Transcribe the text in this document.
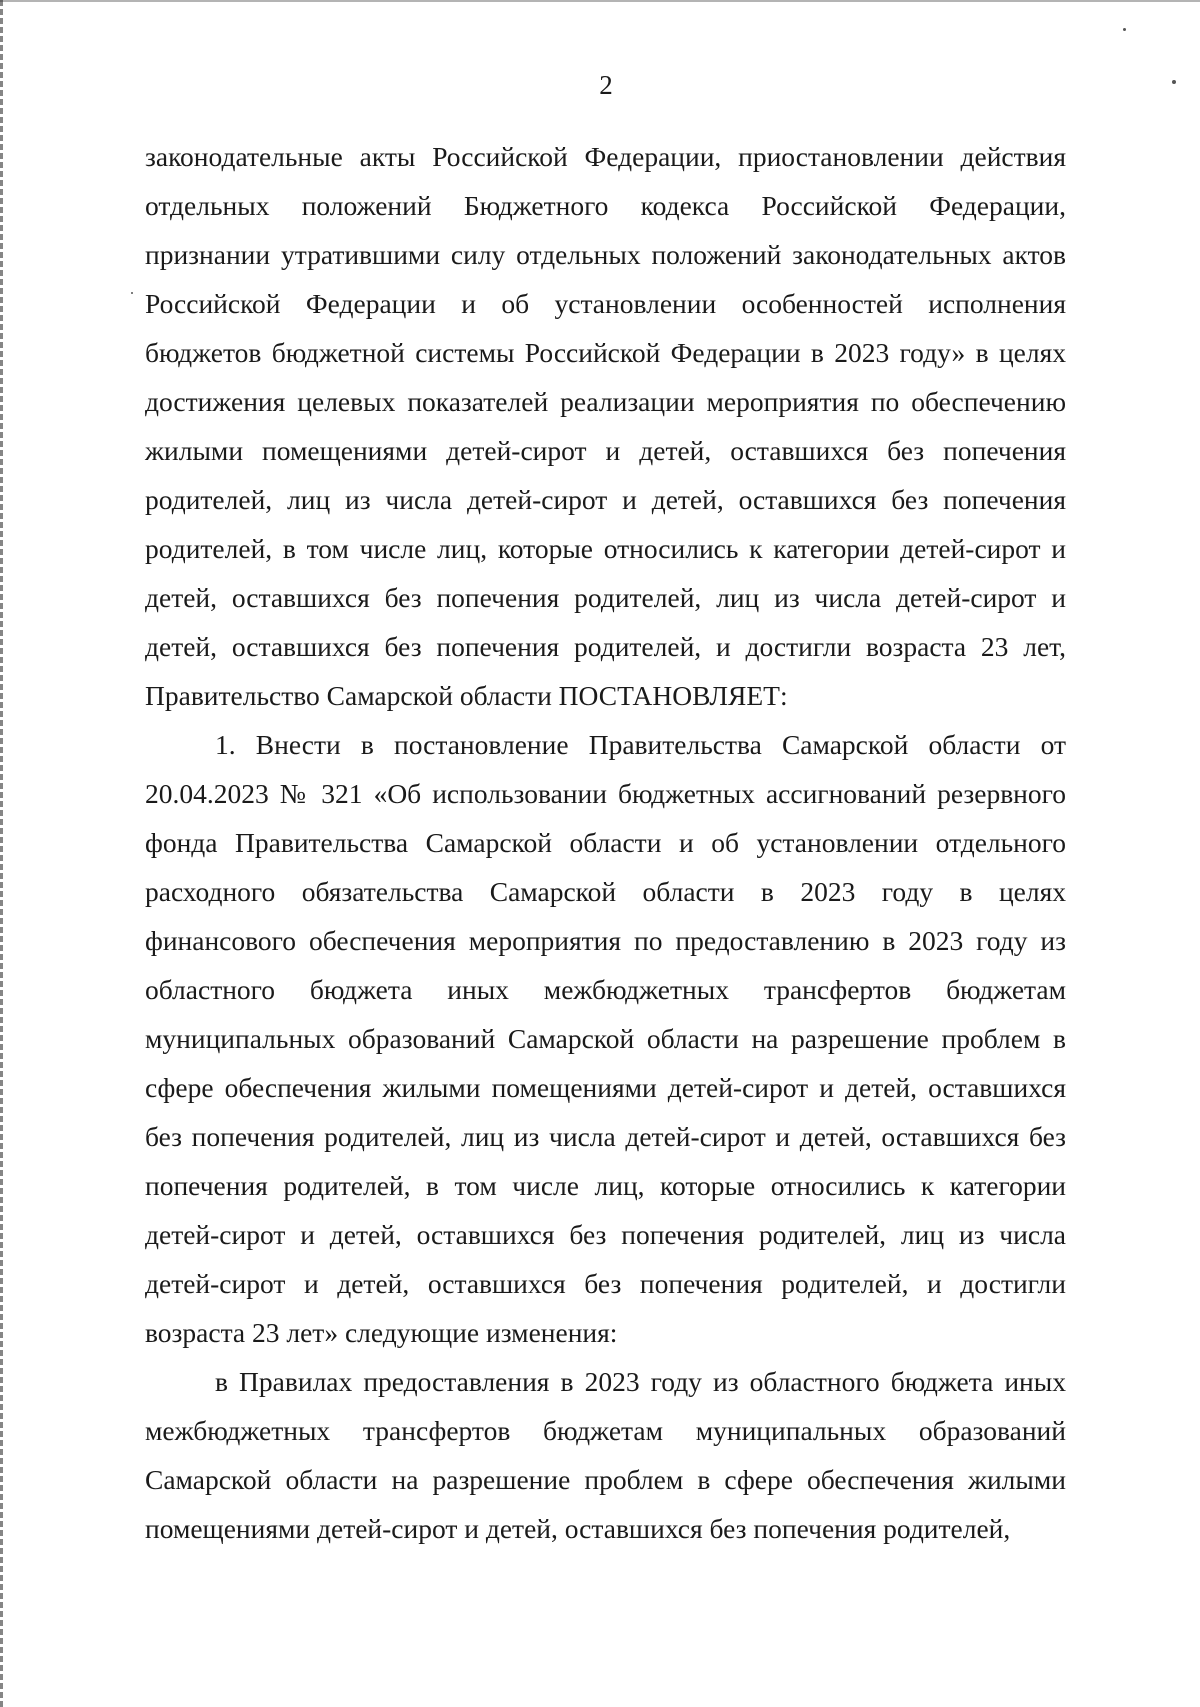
2

законодательные акты Российской Федерации, приостановлении действия отдельных положений Бюджетного кодекса Российской Федерации, признании утратившими силу отдельных положений законодательных актов Российской Федерации и об установлении особенностей исполнения бюджетов бюджетной системы Российской Федерации в 2023 году» в целях достижения целевых показателей реализации мероприятия по обеспечению жилыми помещениями детей-сирот и детей, оставшихся без попечения родителей, лиц из числа детей-сирот и детей, оставшихся без попечения родителей, в том числе лиц, которые относились к категории детей-сирот и детей, оставшихся без попечения родителей, лиц из числа детей-сирот и детей, оставшихся без попечения родителей, и достигли возраста 23 лет, Правительство Самарской области ПОСТАНОВЛЯЕТ:

1. Внести в постановление Правительства Самарской области от 20.04.2023 № 321 «Об использовании бюджетных ассигнований резервного фонда Правительства Самарской области и об установлении отдельного расходного обязательства Самарской области в 2023 году в целях финансового обеспечения мероприятия по предоставлению в 2023 году из областного бюджета иных межбюджетных трансфертов бюджетам муниципальных образований Самарской области на разрешение проблем в сфере обеспечения жилыми помещениями детей-сирот и детей, оставшихся без попечения родителей, лиц из числа детей-сирот и детей, оставшихся без попечения родителей, в том числе лиц, которые относились к категории детей-сирот и детей, оставшихся без попечения родителей, лиц из числа детей-сирот и детей, оставшихся без попечения родителей, и достигли возраста 23 лет» следующие изменения:

в Правилах предоставления в 2023 году из областного бюджета иных межбюджетных трансфертов бюджетам муниципальных образований Самарской области на разрешение проблем в сфере обеспечения жилыми помещениями детей-сирот и детей, оставшихся без попечения родителей,
